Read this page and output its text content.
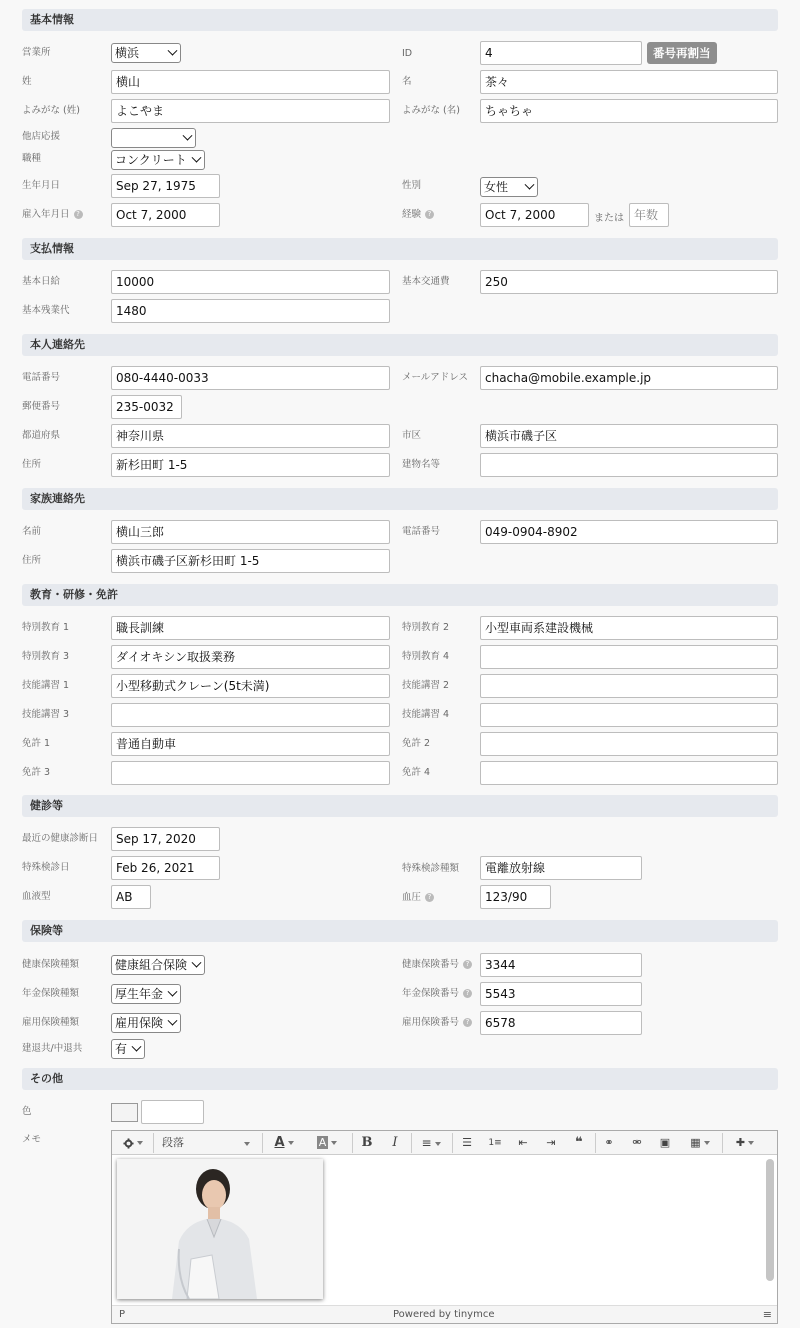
基本情報
営業所	横浜	ID	4	番号再割当
姓	横山	名	茶々
よみがな (姓)	よこやま	よみがな (名)	ちゃちゃ
他店応援
職種	コンクリート
生年月日	Sep 27, 1975	性別	女性
雇入年月日 ?	Oct 7, 2000	経験 ?	Oct 7, 2000	または 年数
支払情報
基本日給	10000	基本交通費	250
基本残業代	1480
本人連絡先
電話番号	080-4440-0033	メールアドレス	chacha@mobile.example.jp
郵便番号	235-0032
都道府県	神奈川県	市区	横浜市磯子区
住所	新杉田町 1-5	建物名等
家族連絡先
名前	横山三郎	電話番号	049-0904-8902
住所	横浜市磯子区新杉田町 1-5
教育・研修・免許
特別教育 1	職長訓練	特別教育 2	小型車両系建設機械
特別教育 3	ダイオキシン取扱業務	特別教育 4
技能講習 1	小型移動式クレーン(5t未満)	技能講習 2
技能講習 3	技能講習 4
免許 1	普通自動車	免許 2
免許 3	免許 4
健診等
最近の健康診断日	Sep 17, 2020
特殊検診日	Feb 26, 2021	特殊検診種類	電離放射線
血液型	AB	血圧 ?	123/90
保険等
健康保険種類	健康組合保険	健康保険番号 ?	3344
年金保険種類	厚生年金	年金保険番号 ?	5543
雇用保険種類	雇用保険	雇用保険番号 ?	6578
建退共/中退共	有
その他
色
メモ	段落	A	A	B	I	≡	☰	1≡	⇤	⇥	❝	⚭	⚮	▣	▦	✚
P	Powered by tinymce	≡
